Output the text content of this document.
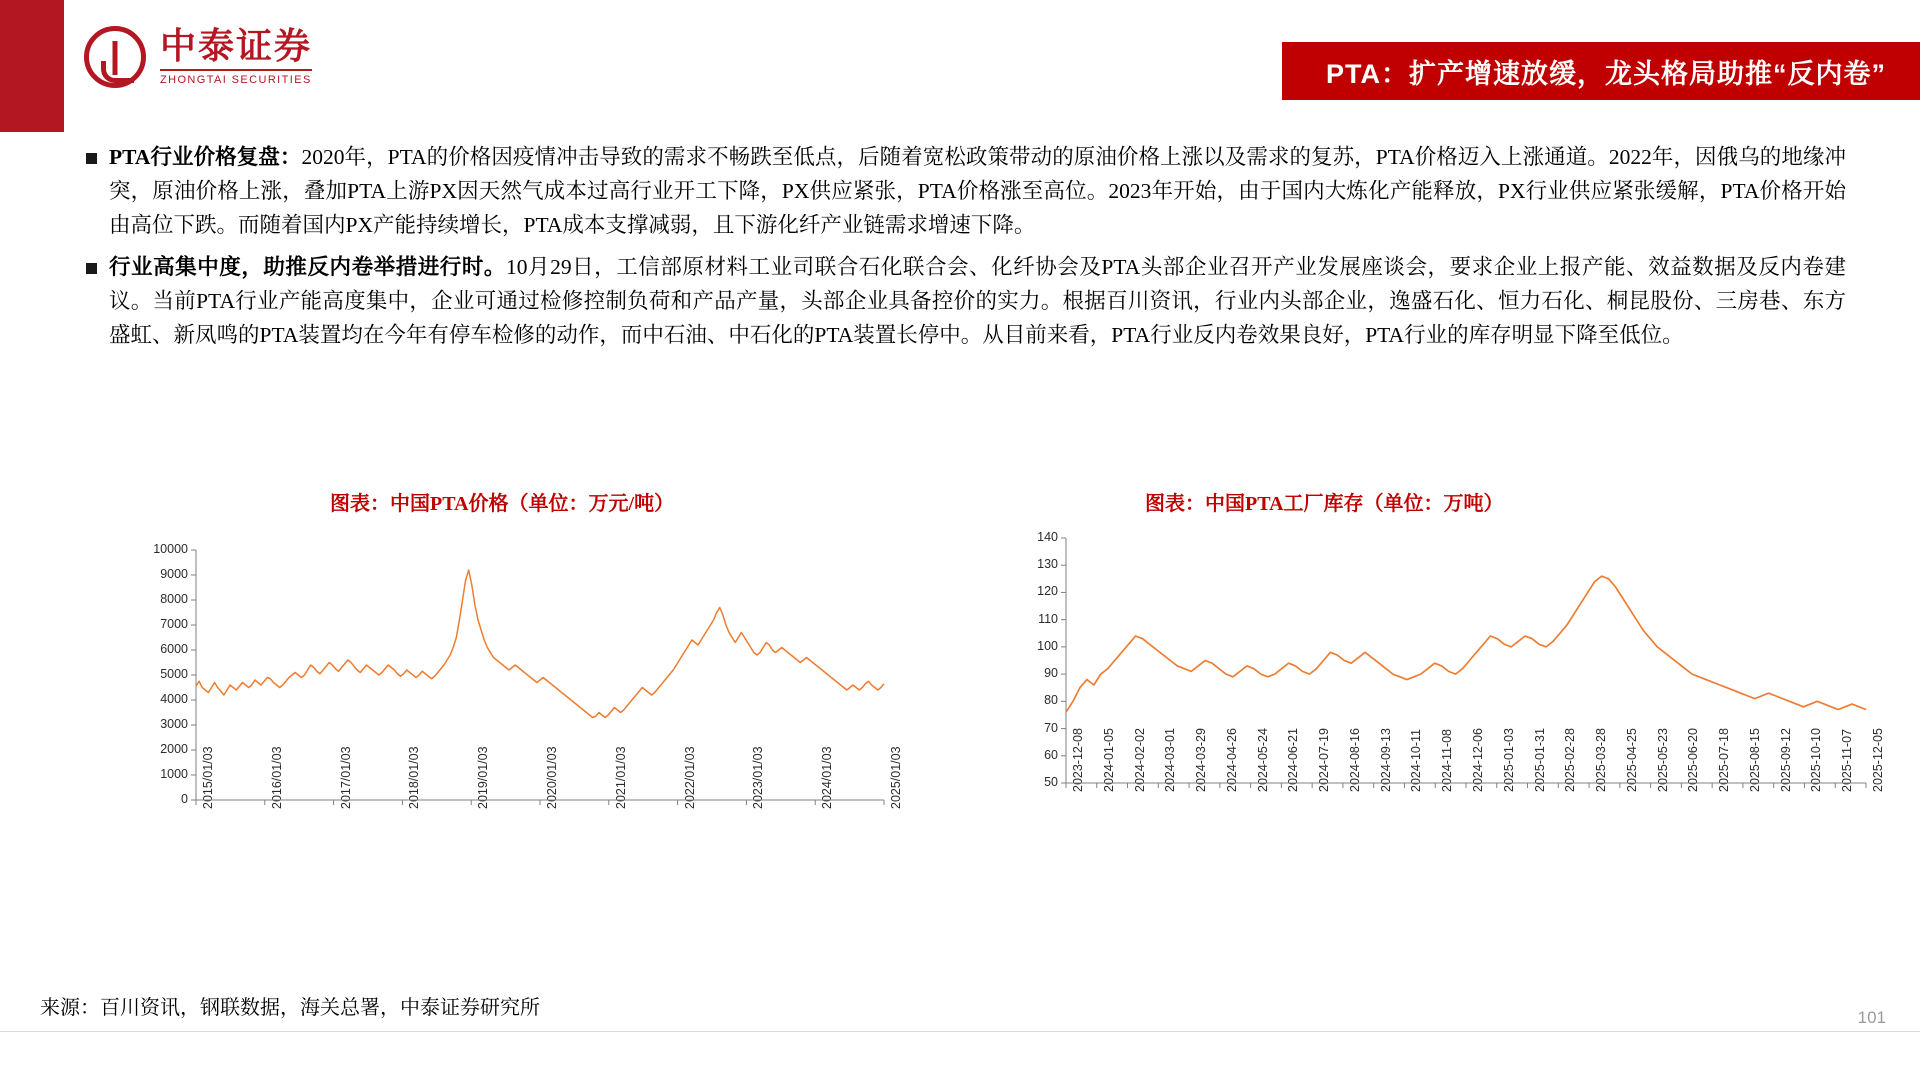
中泰证券
ZHONGTAI SECURITIES	PTA：扩产增速放缓，龙头格局助推“反内卷”

PTA行业价格复盘：2020年，PTA的价格因疫情冲击导致的需求不畅跌至低点，后随着宽松政策带动的原油价格上涨以及需求的复苏，PTA价格迈入上涨通道。2022年，因俄乌的地缘冲突，原油价格上涨，叠加PTA上游PX因天然气成本过高行业开工下降，PX供应紧张，PTA价格涨至高位。2023年开始，由于国内大炼化产能释放，PX行业供应紧张缓解，PTA价格开始由高位下跌。而随着国内PX产能持续增长，PTA成本支撑减弱，且下游化纤产业链需求增速下降。

行业高集中度，助推反内卷举措进行时。10月29日，工信部原材料工业司联合石化联合会、化纤协会及PTA头部企业召开产业发展座谈会，要求企业上报产能、效益数据及反内卷建议。当前PTA行业产能高度集中，企业可通过检修控制负荷和产品产量，头部企业具备控价的实力。根据百川资讯，行业内头部企业，逸盛石化、恒力石化、桐昆股份、三房巷、东方盛虹、新凤鸣的PTA装置均在今年有停车检修的动作，而中石油、中石化的PTA装置长停中。从目前来看，PTA行业反内卷效果良好，PTA行业的库存明显下降至低位。

图表：中国PTA价格（单位：万元/吨）	图表：中国PTA工厂库存（单位：万吨）
0
1000
2000
3000
4000
5000
6000
7000
8000
9000
10000
2015/01/03	2016/01/03	2017/01/03	2018/01/03	2019/01/03	2020/01/03	2021/01/03	2022/01/03	2023/01/03	2024/01/03	2025/01/03	50
60
70
80
90
100
110
120
130
140
2023-12-08 2024-01-05 2024-02-02 2024-03-01 2024-03-29 2024-04-26 2024-05-24 2024-06-21 2024-07-19 2024-08-16 2024-09-13 2024-10-11 2024-11-08 2024-12-06 2025-01-03 2025-01-31 2025-02-28 2025-03-28 2025-04-25 2025-05-23 2025-06-20 2025-07-18 2025-08-15 2025-09-12 2025-10-10 2025-11-07 2025-12-05
来源：百川资讯，钢联数据，海关总署，中泰证券研究所	101
